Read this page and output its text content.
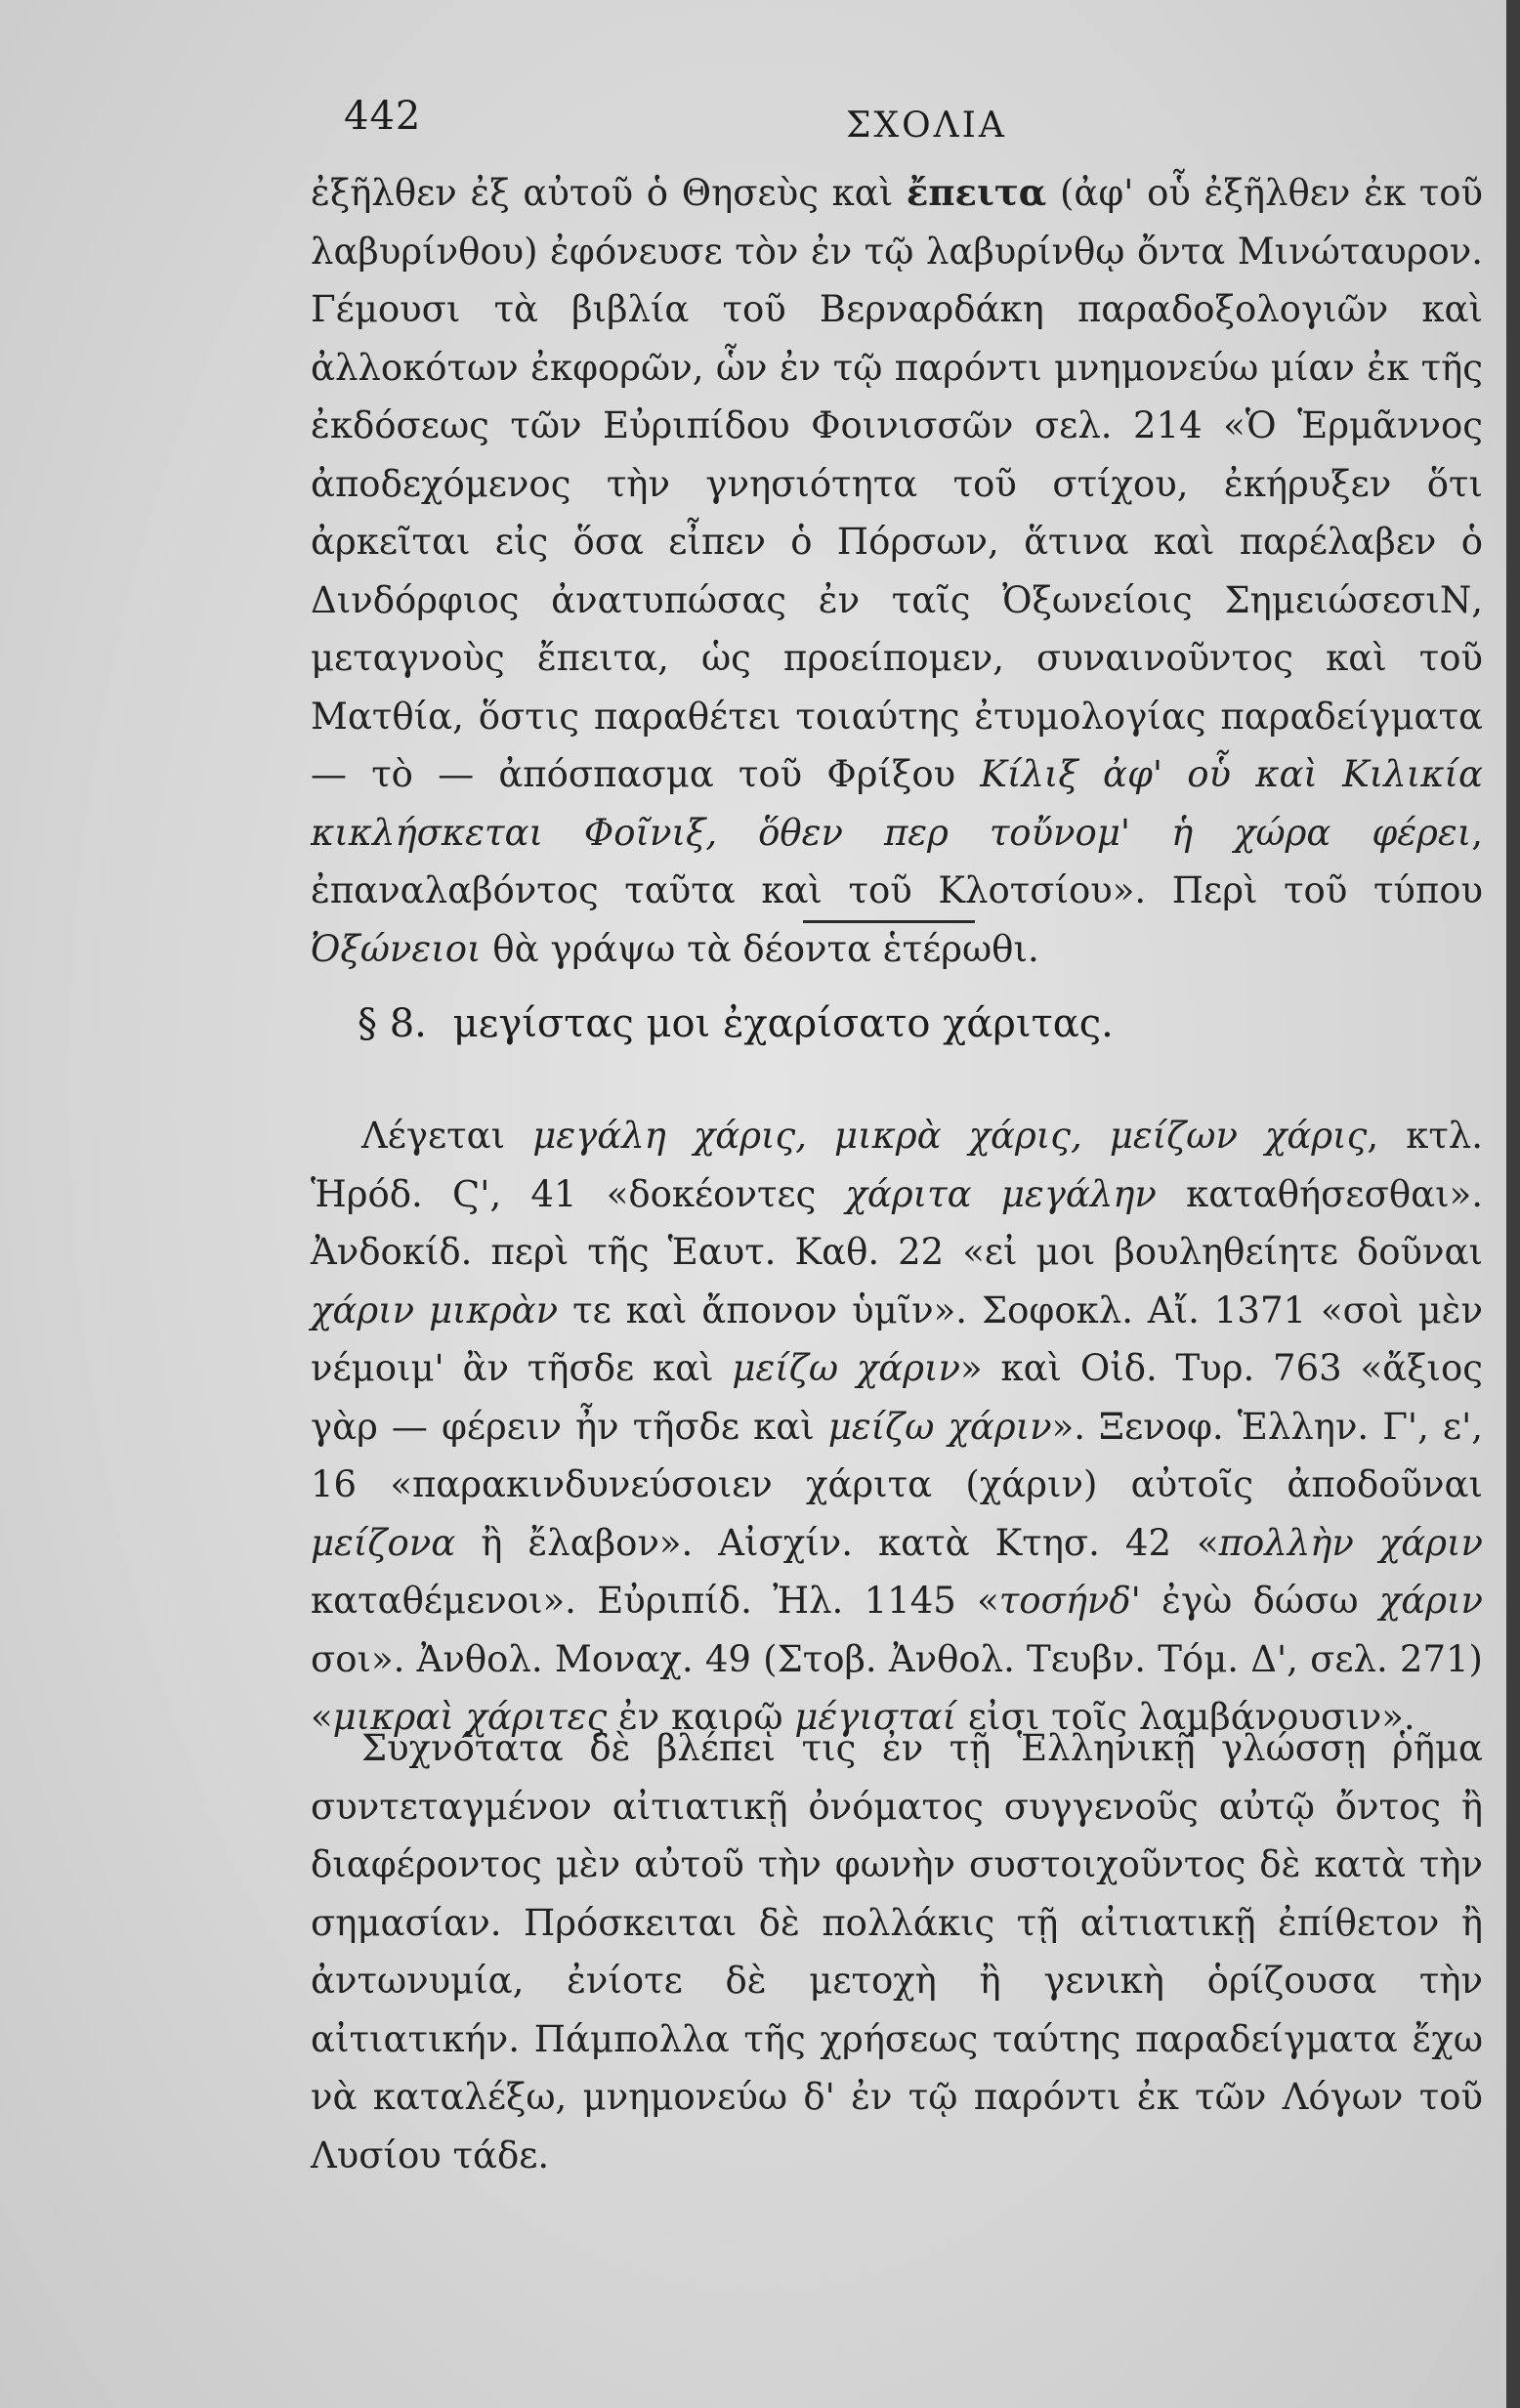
442	ΣΧΟΛΙΑ

ἐξῆλθεν ἐξ αὐτοῦ ὁ Θησεὺς καὶ ἔπειτα (ἀφ' οὗ ἐξῆλθεν ἐκ τοῦ λαβυρίνθου) ἐφόνευσε τὸν ἐν τῷ λαβυρίνθῳ ὄντα Μινώταυρον. Γέμουσι τὰ βιβλία τοῦ Βερναρδάκη παραδοξολογιῶν καὶ ἀλλοκότων ἐκφορῶν, ὧν ἐν τῷ παρόντι μνημονεύω μίαν ἐκ τῆς ἐκδόσεως τῶν Εὐριπίδου Φοινισσῶν σελ. 214 «Ὁ Ἑρμᾶννος ἀποδεχόμενος τὴν γνησιότητα τοῦ στίχου, ἐκήρυξεν ὅτι ἀρκεῖται εἰς ὅσα εἶπεν ὁ Πόρσων, ἅτινα καὶ παρέλαβεν ὁ Δινδόρφιος ἀνατυπώσας ἐν ταῖς Ὀξωνείοις ΣημειώσεσιΝ, μεταγνοὺς ἔπειτα, ὡς προείπομεν, συναινοῦντος καὶ τοῦ Ματθία, ὅστις παραθέτει τοιαύτης ἐτυμολογίας παραδείγματα — τὸ — ἀπόσπασμα τοῦ Φρίξου Κίλιξ ἀφ' οὗ καὶ Κιλικία κικλήσκεται Φοῖνιξ, ὅθεν περ τοὔνομ' ἡ χώρα φέρει, ἐπαναλαβόντος ταῦτα καὶ τοῦ Κλοτσίου». Περὶ τοῦ τύπου Ὀξώνειοι θὰ γράψω τὰ δέοντα ἑτέρωθι.

§ 8. μεγίστας μοι ἐχαρίσατο χάριτας.

Λέγεται μεγάλη χάρις, μικρὰ χάρις, μείζων χάρις, κτλ. Ἡρόδ. Ϛ', 41 «δοκέοντες χάριτα μεγάλην καταθήσεσθαι». Ἀνδοκίδ. περὶ τῆς Ἑαυτ. Καθ. 22 «εἰ μοι βουληθείητε δοῦναι χάριν μικρὰν τε καὶ ἄπονον ὑμῖν». Σοφοκλ. Αἴ. 1371 «σοὶ μὲν νέμοιμ' ἂν τῆσδε καὶ μείζω χάριν» καὶ Οἰδ. Τυρ. 763 «ἄξιος γὰρ — φέρειν ἦν τῆσδε καὶ μείζω χάριν». Ξενοφ. Ἑλλην. Γ', ε', 16 «παρακινδυνεύσοιεν χάριτα (χάριν) αὐτοῖς ἀποδοῦναι μείζονα ἢ ἔλαβον». Αἰσχίν. κατὰ Κτησ. 42 «πολλὴν χάριν καταθέμενοι». Εὐριπίδ. Ἠλ. 1145 «τοσήνδ' ἐγὼ δώσω χάριν σοι». Ἀνθολ. Μοναχ. 49 (Στοβ. Ἀνθολ. Τευβν. Τόμ. Δ', σελ. 271) «μικραὶ χάριτες ἐν καιρῷ μέγισταί εἰσι τοῖς λαμβάνουσιν».

Συχνότατα δὲ βλέπει τις ἐν τῇ Ἑλληνικῇ γλώσσῃ ῥῆμα συντεταγμένον αἰτιατικῇ ὀνόματος συγγενοῦς αὐτῷ ὄντος ἢ διαφέροντος μὲν αὐτοῦ τὴν φωνὴν συστοιχοῦντος δὲ κατὰ τὴν σημασίαν. Πρόσκειται δὲ πολλάκις τῇ αἰτιατικῇ ἐπίθετον ἢ ἀντωνυμία, ἐνίοτε δὲ μετοχὴ ἢ γενικὴ ὁρίζουσα τὴν αἰτιατικήν. Πάμπολλα τῆς χρήσεως ταύτης παραδείγματα ἔχω νὰ καταλέξω, μνημονεύω δ' ἐν τῷ παρόντι ἐκ τῶν Λόγων τοῦ Λυσίου τάδε.
